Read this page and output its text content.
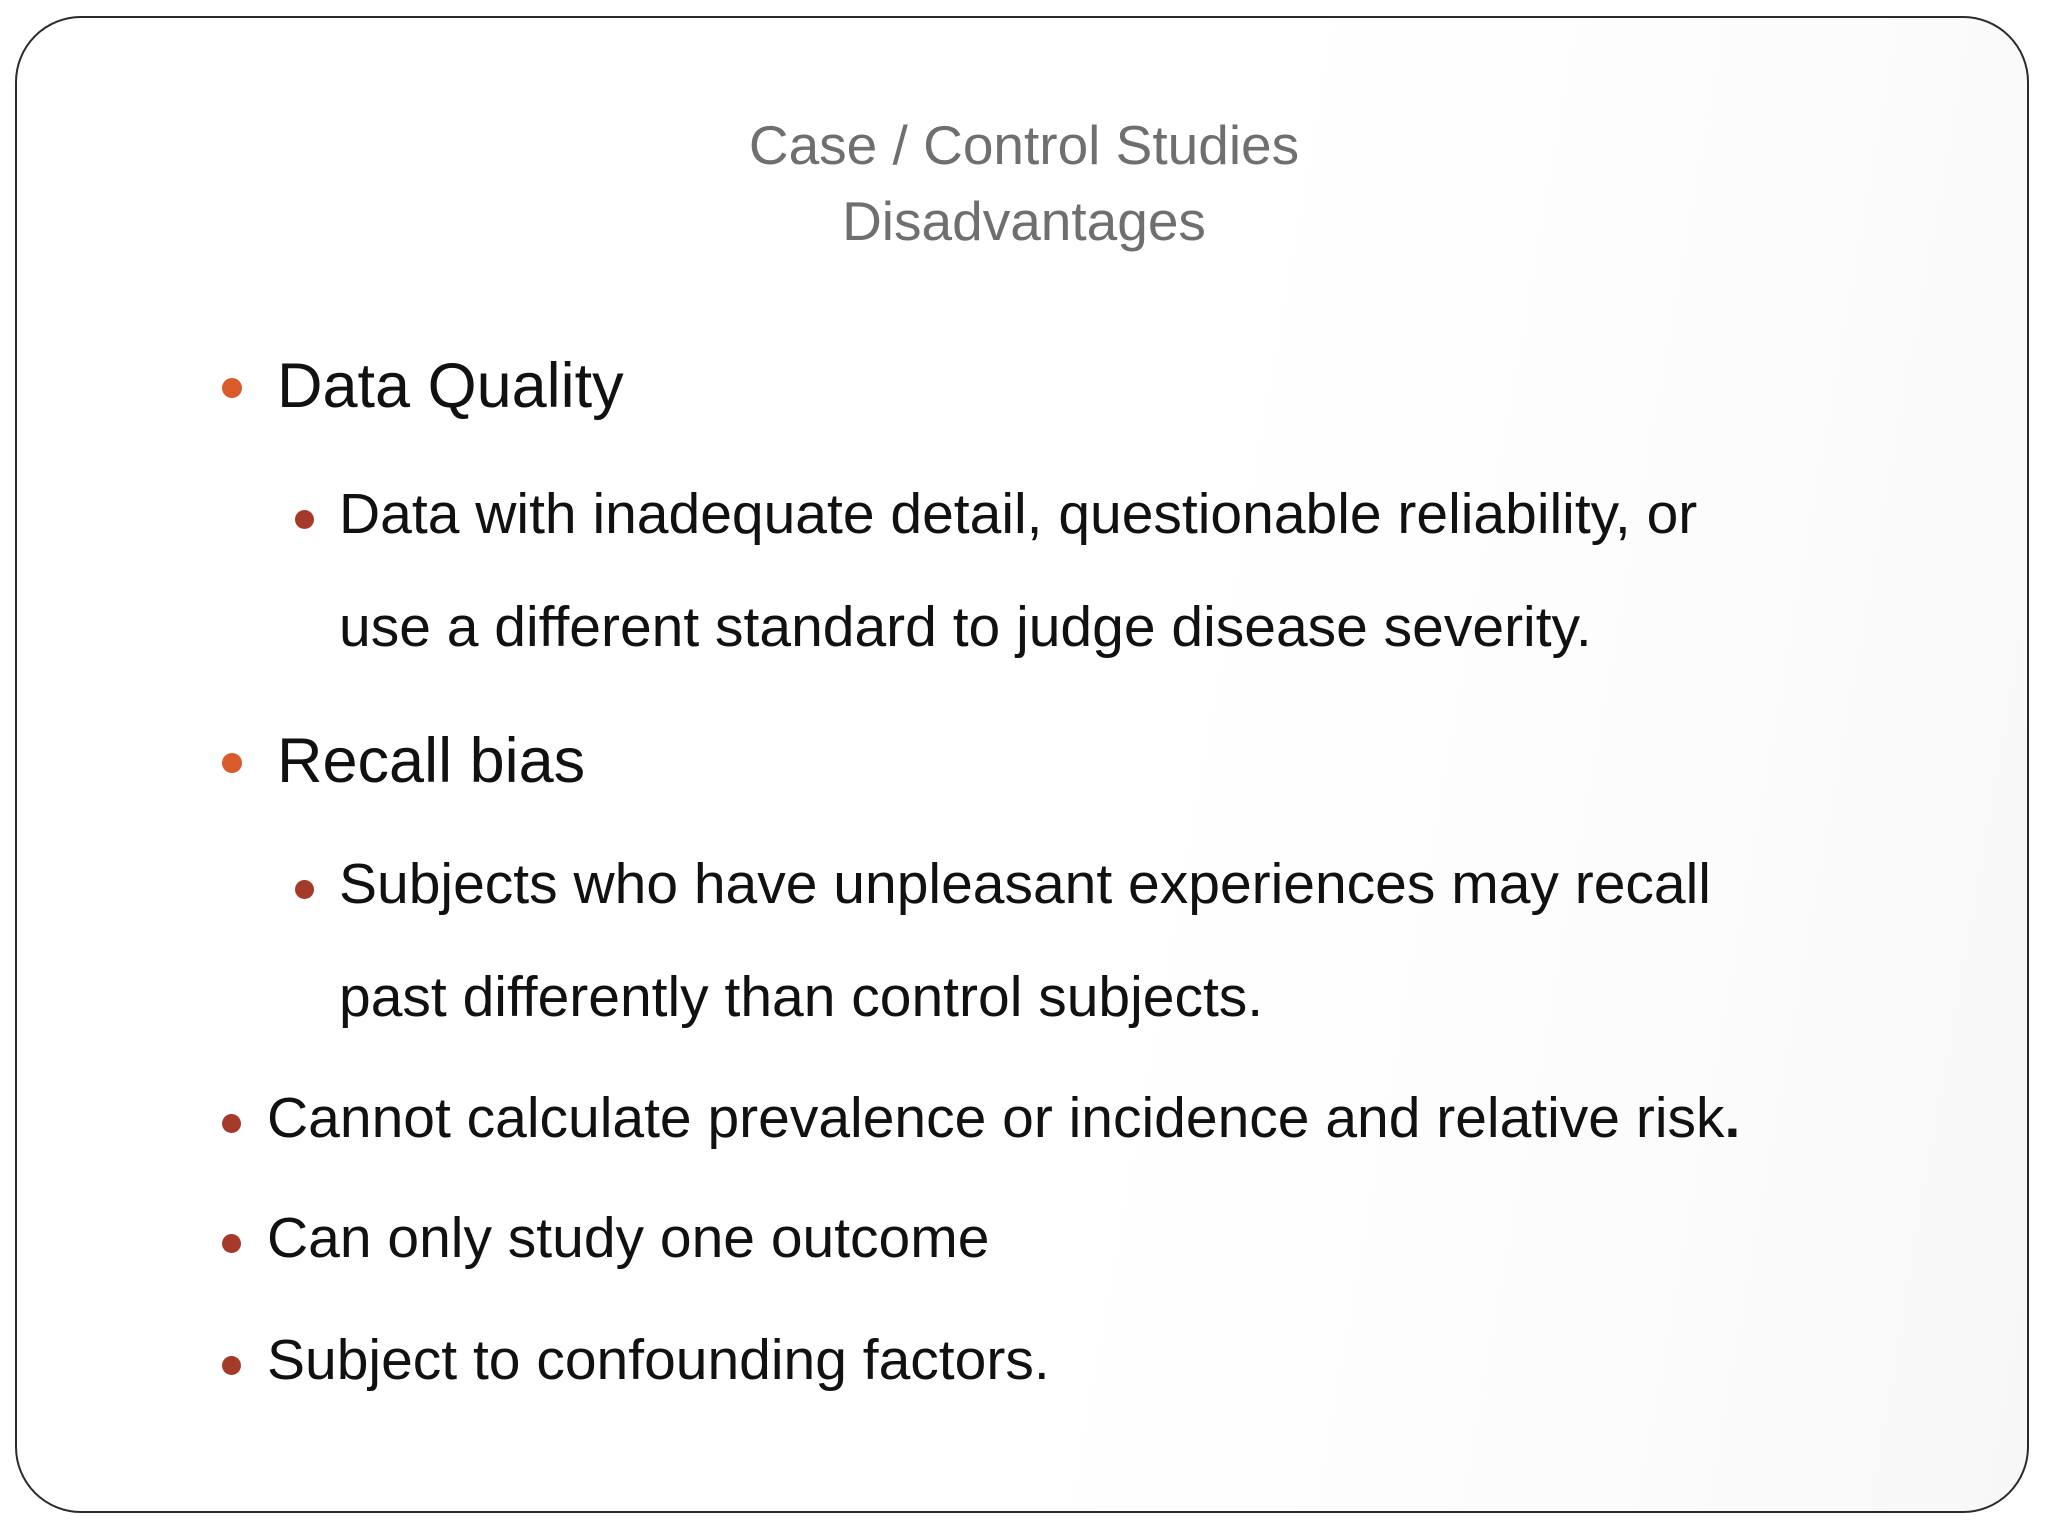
Case / Control Studies
Disadvantages
Data Quality
Data with inadequate detail, questionable reliability, or
use a different standard to judge disease severity.
Recall bias
Subjects who have unpleasant experiences may recall
past differently than control subjects.
Cannot calculate prevalence or incidence and relative risk.
Can only study one outcome
Subject to confounding factors.
